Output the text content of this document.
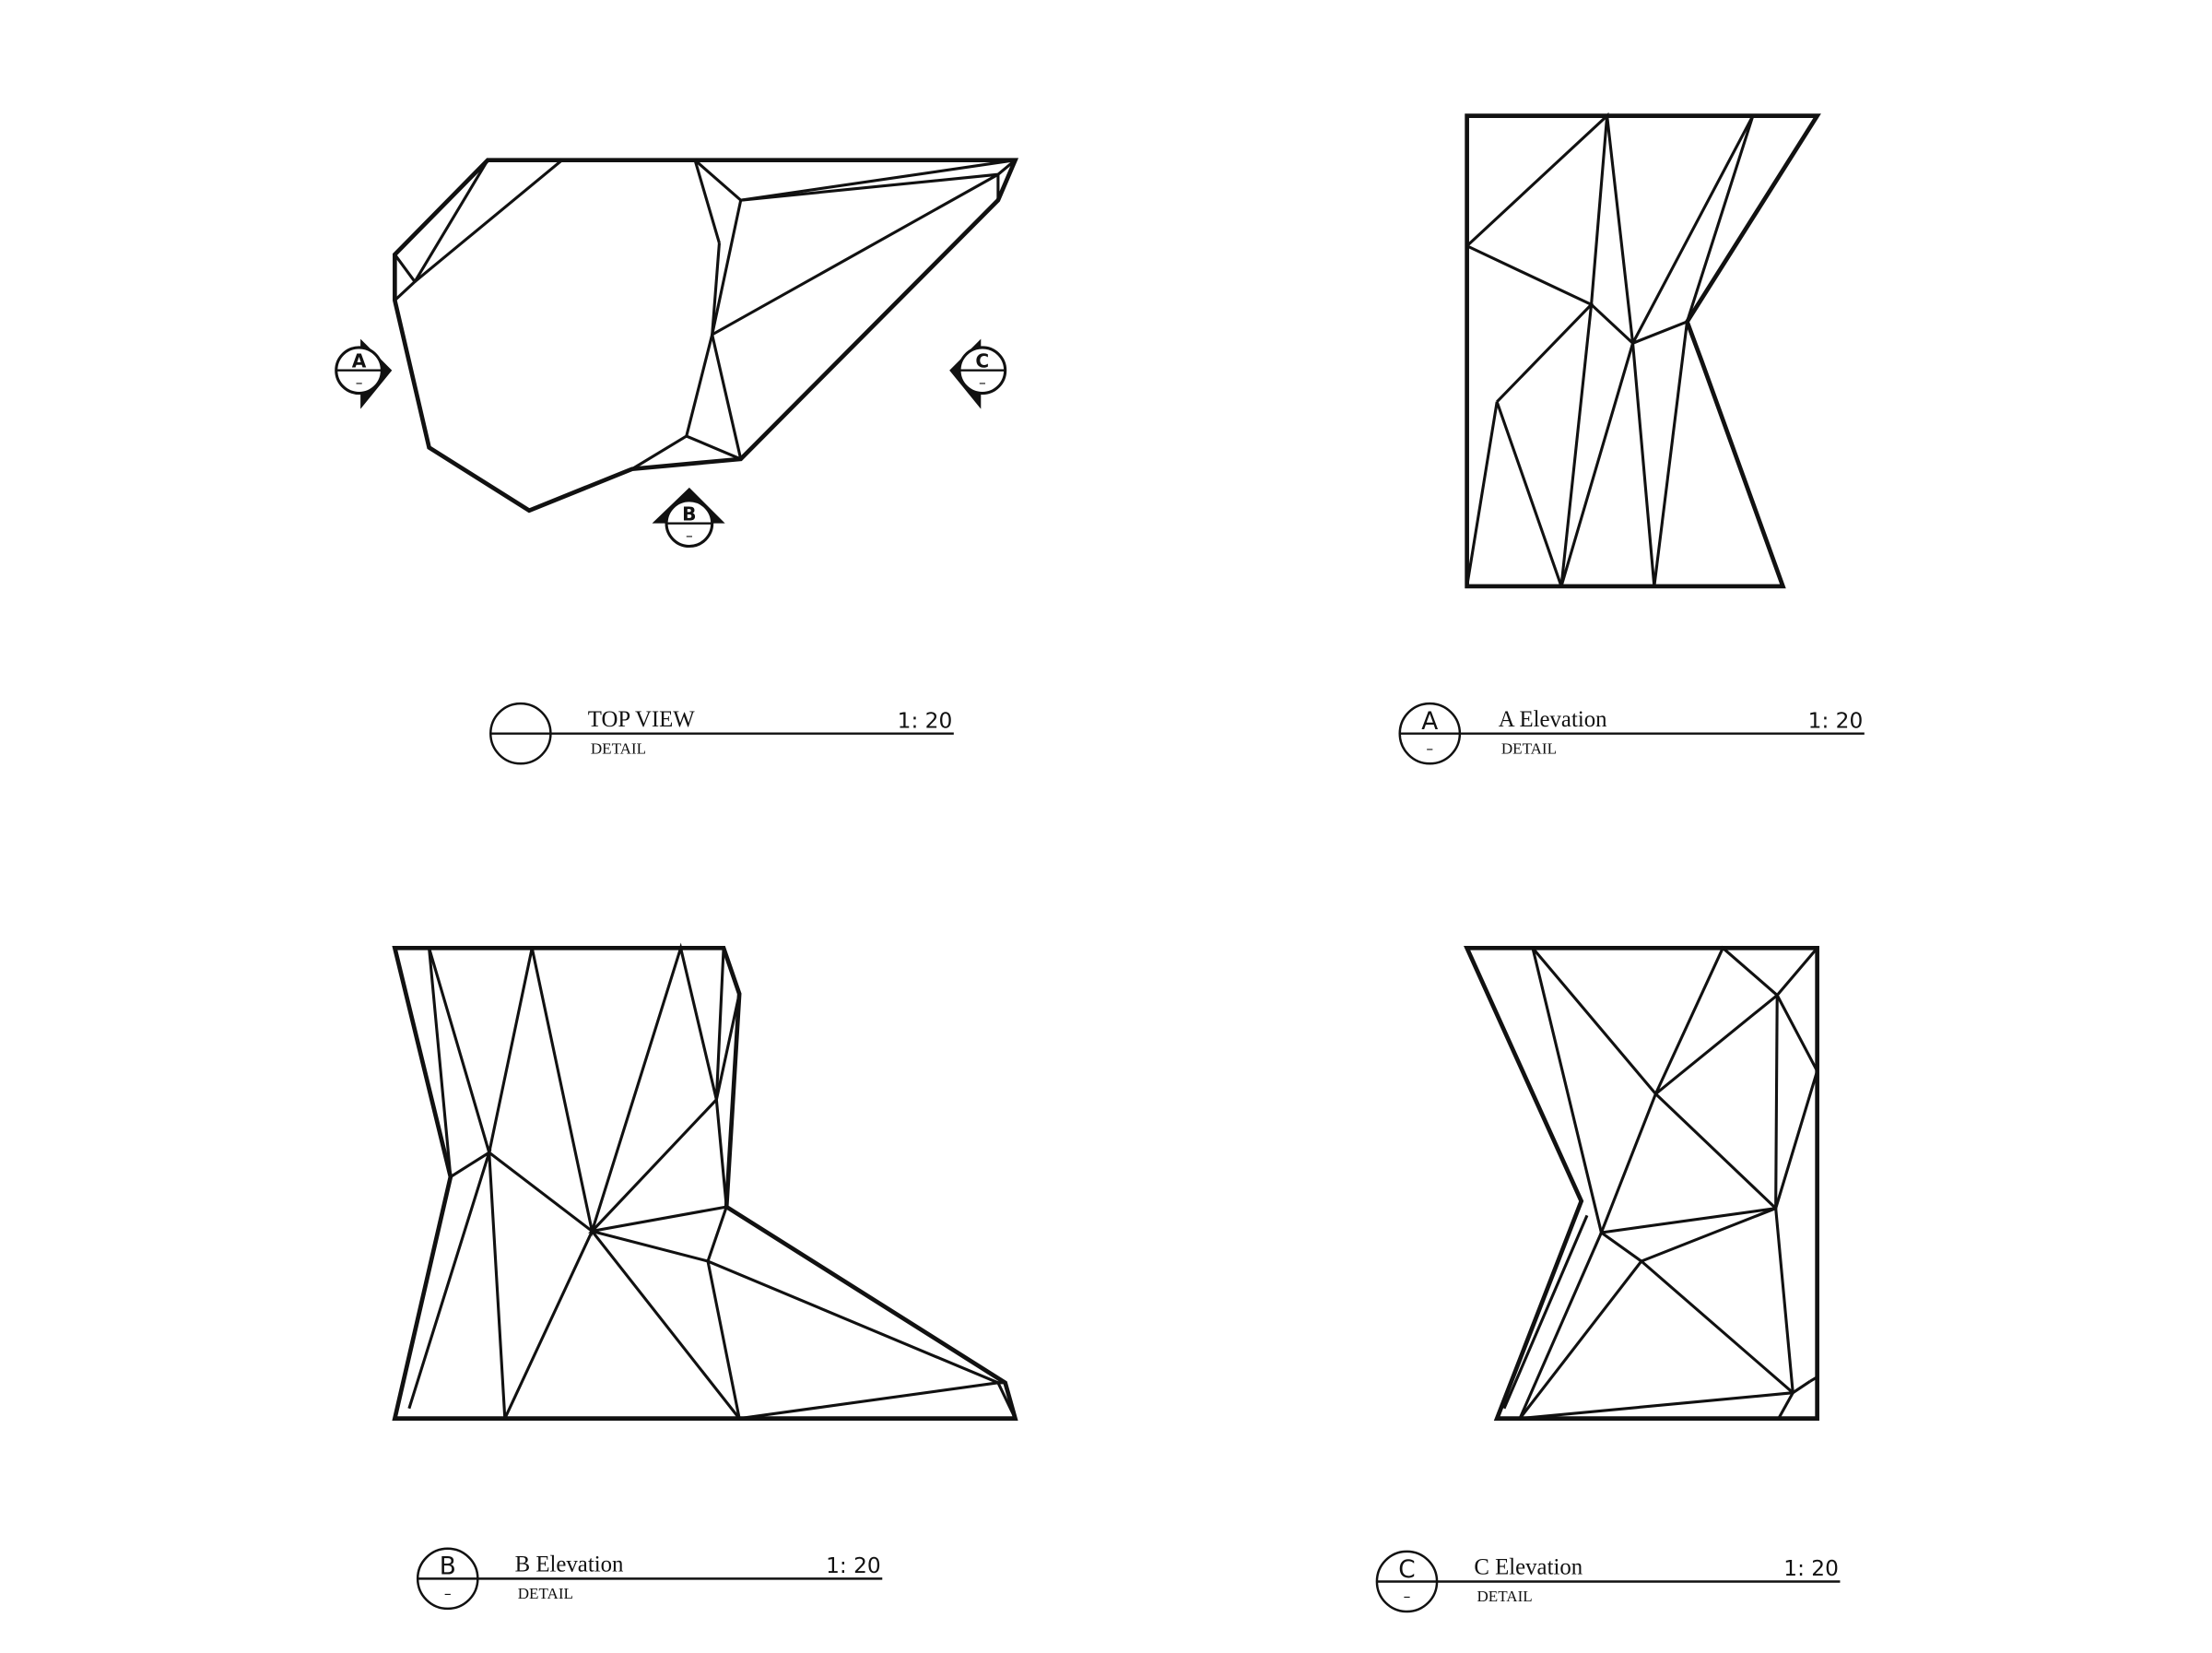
A
–
C
–
B
–
TOP VIEW
DETAIL
1: 20	A
–
A Elevation
DETAIL
1: 20
B
–
B Elevation
DETAIL
1: 20	C
–
C Elevation
DETAIL
1: 20
